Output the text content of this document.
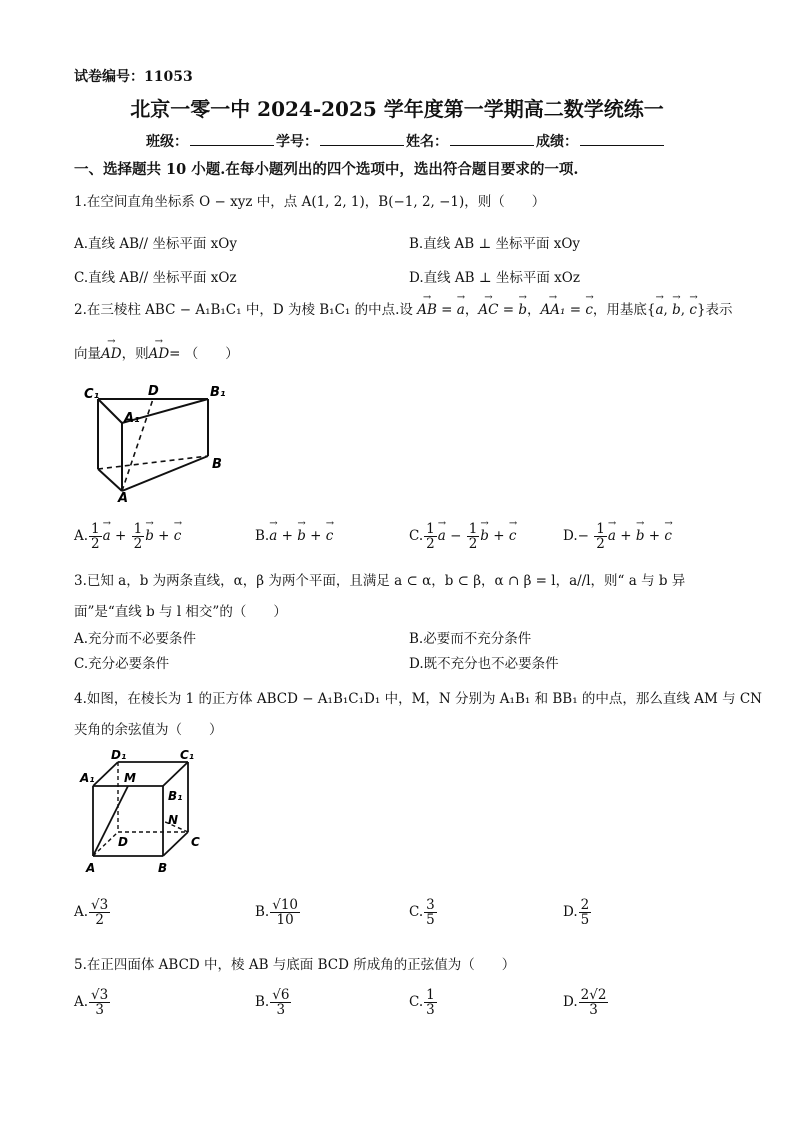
试卷编号：11053
北京一零一中 2024-2025 学年度第一学期高二数学统练一
班级：	学号：	姓名：	成绩：
一、选择题共 10 小题.在每小题列出的四个选项中，选出符合题目要求的一项.
1.在空间直角坐标系 O − xyz 中，点 A(1, 2, 1)，B(−1, 2, −1)，则（　　）
A.直线 AB// 坐标平面 xOy	B.直线 AB ⊥ 坐标平面 xOy
C.直线 AB// 坐标平面 xOz	D.直线 AB ⊥ 坐标平面 xOz
2.在三棱柱 ABC − A₁B₁C₁ 中，D 为棱 B₁C₁ 的中点.设 → AB = → a，→ AC = → b，→ AA₁ = → c，用基底{→ a, → b, → c}表示
向量→ AD，则→ AD= （　　）
C₁	D	B₁
A₁
B
A
A. $\frac{1}{2}$
→ $a + \frac{1}{2}$
→ b + → c	B.→ a + → b + → c	C. $\frac{1}{2}$
→ $a - \frac{1}{2}$
→ b + → c	$D.- \frac{1}{2}$
→ a + → b + → c
3.已知 a，b 为两条直线，α，β 为两个平面，且满足 a ⊂ α，b ⊂ β，α ∩ β = l，a//l，则“ a 与 b 异
面”是“直线 b 与 l 相交”的（　　）
A.充分而不必要条件	B.必要而不充分条件
C.充分必要条件	D.既不充分也不必要条件
4.如图，在棱长为 1 的正方体 ABCD − A₁B₁C₁D₁ 中，M，N 分别为 A₁B₁ 和 BB₁ 的中点，那么直线 AM 与 CN
夹角的余弦值为（　　）
D₁	C₁
A₁ M
B₁
N
D	C
A	B
A. $\frac{√3}{2}$	B. $\frac{√10}{10}$	C. $\frac{3}{5}$	D. $\frac{2}{5}$
5.在正四面体 ABCD 中，棱 AB 与底面 BCD 所成角的正弦值为（　　）
A. $\frac{√3}{3}$	B. $\frac{√6}{3}$	C. $\frac{1}{3}$	D. $\frac{2√2}{3}$
